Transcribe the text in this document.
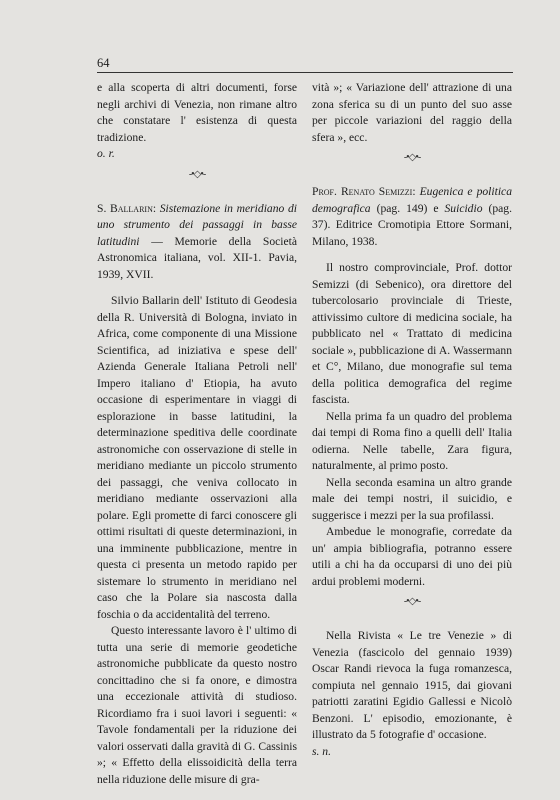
64

e alla scoperta di altri documenti, forse negli archivi di Venezia, non rimane altro che constatare l' esistenza di questa tradizione.

o. r.

-•◇•-

S. Ballarin: Sistemazione in meridiano di uno strumento dei passaggi in basse latitudini — Memorie della Società Astronomica italiana, vol. XII-1. Pavia, 1939, XVII.

Silvio Ballarin dell' Istituto di Geodesia della R. Università di Bologna, inviato in Africa, come componente di una Missione Scientifica, ad iniziativa e spese dell' Azienda Generale Italiana Petroli nell' Impero italiano d' Etiopia, ha avuto occasione di esperimentare in viaggi di esplorazione in basse latitudini, la determinazione speditiva delle coordinate astronomiche con osservazione di stelle in meridiano mediante un piccolo strumento dei passaggi, che veniva collocato in meridiano mediante osservazioni alla polare. Egli promette di farci conoscere gli ottimi risultati di queste determinazioni, in una imminente pubblicazione, mentre in questa ci presenta un metodo rapido per sistemare lo strumento in meridiano nel caso che la Polare sia nascosta dalla foschia o da accidentalità del terreno.

Questo interessante lavoro è l' ultimo di tutta una serie di memorie geodetiche astronomiche pubblicate da questo nostro concittadino che si fa onore, e dimostra una eccezionale attività di studioso. Ricordiamo fra i suoi lavori i seguenti: « Tavole fondamentali per la riduzione dei valori osservati dalla gravità di G. Cassinis »; « Effetto della elissoidicità della terra nella riduzione delle misure di gra-

vità »; « Variazione dell' attrazione di una zona sferica su di un punto del suo asse per piccole variazioni del raggio della sfera », ecc.

-•◇•-

Prof. Renato Semizzi: Eugenica e politica demografica (pag. 149) e Suicidio (pag. 37). Editrice Cromotipia Ettore Sormani, Milano, 1938.

Il nostro comprovinciale, Prof. dottor Semizzi (di Sebenico), ora direttore del tubercolosario provinciale di Trieste, attivissimo cultore di medicina sociale, ha pubblicato nel « Trattato di medicina sociale », pubblicazione di A. Wassermann et C°, Milano, due monografie sul tema della politica demografica del regime fascista.

Nella prima fa un quadro del problema dai tempi di Roma fino a quelli dell' Italia odierna. Nelle tabelle, Zara figura, naturalmente, al primo posto.

Nella seconda esamina un altro grande male dei tempi nostri, il suicidio, e suggerisce i mezzi per la sua profilassi.

Ambedue le monografie, corredate da un' ampia bibliografia, potranno essere utili a chi ha da occuparsi di uno dei più ardui problemi moderni.

-•◇•-

Nella Rivista « Le tre Venezie » di Venezia (fascicolo del gennaio 1939) Oscar Randi rievoca la fuga romanzesca, compiuta nel gennaio 1915, dai giovani patriotti zaratini Egidio Gallessi e Nicolò Benzoni. L' episodio, emozionante, è illustrato da 5 fotografie d' occasione.

s. n.
